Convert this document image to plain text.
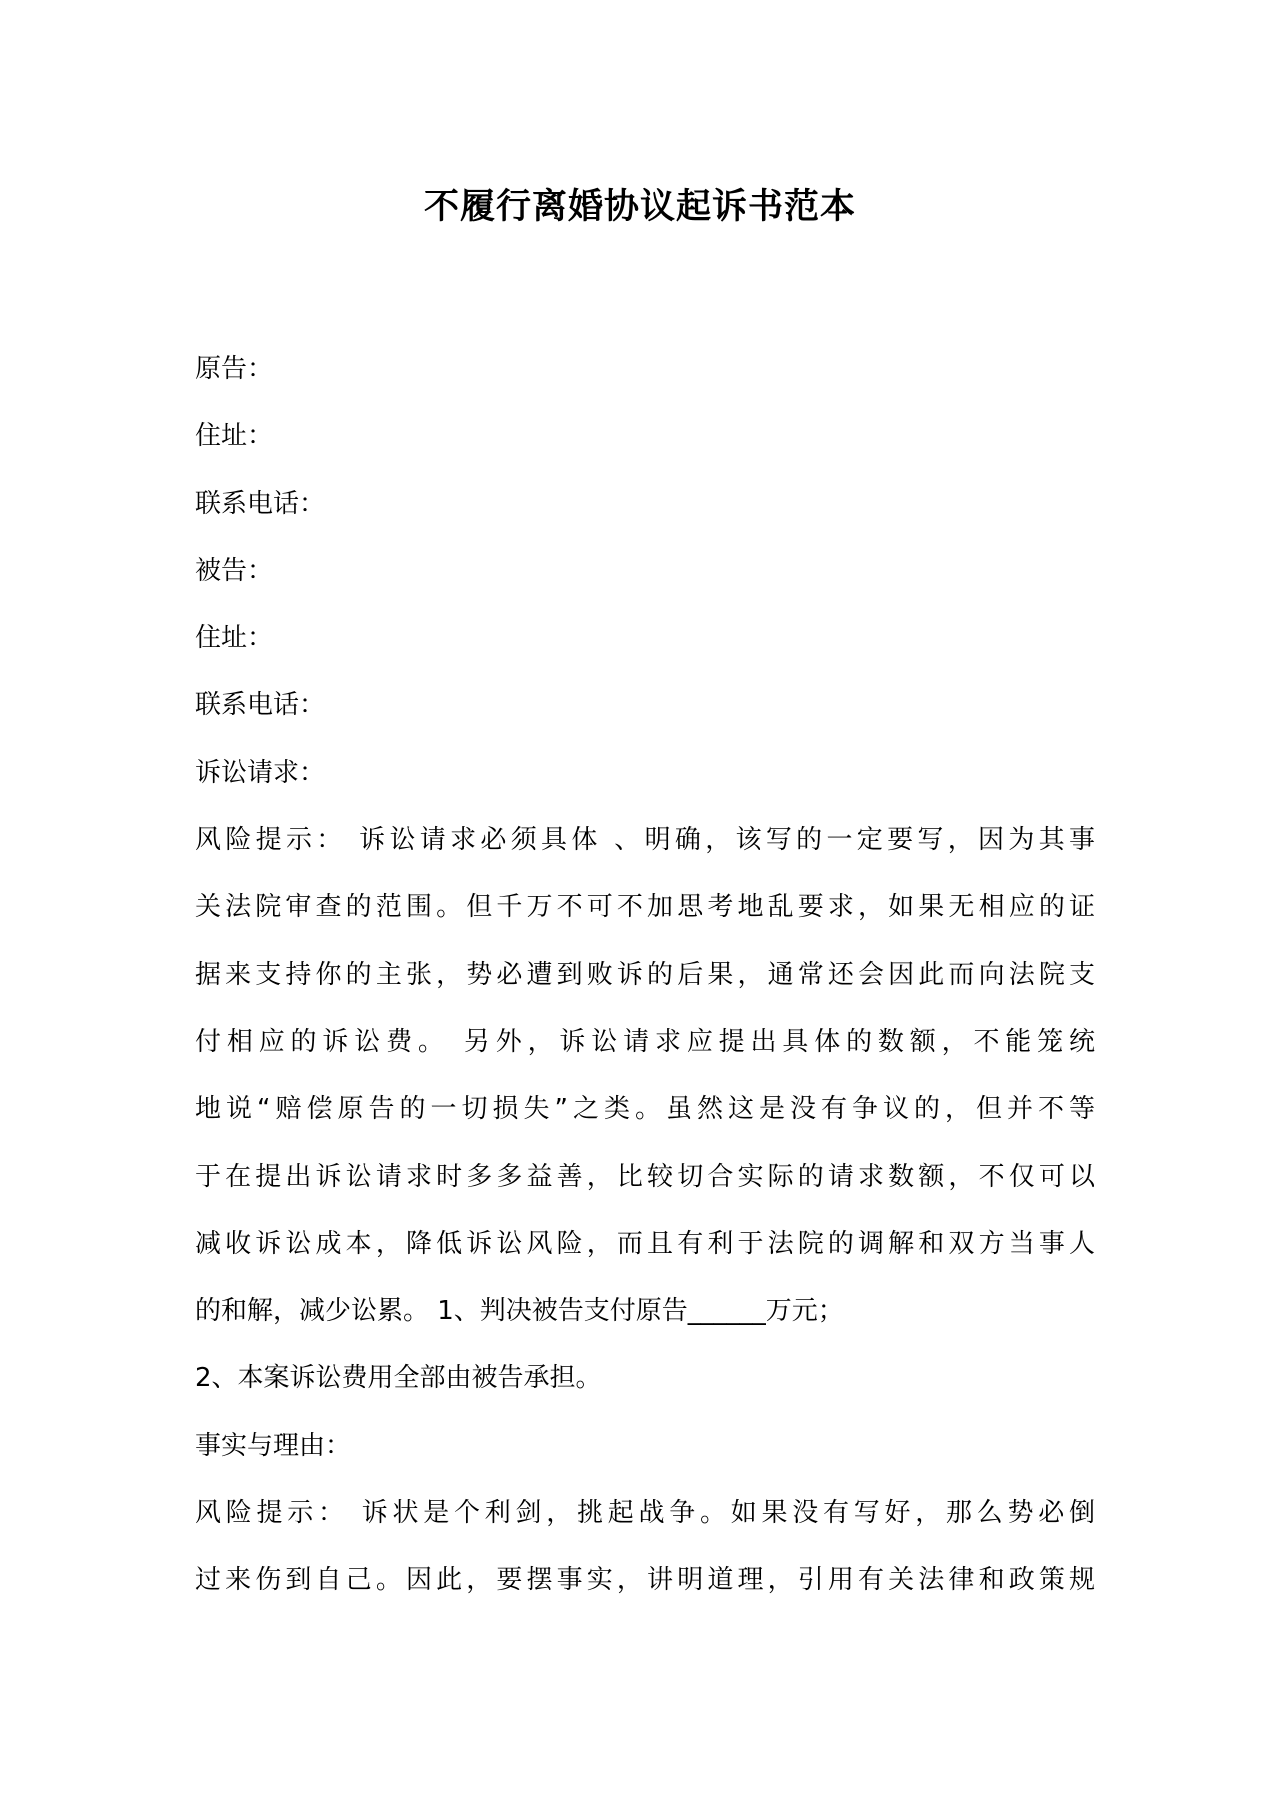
不履行离婚协议起诉书范本
原告：
住址：
联系电话：
被告：
住址：
联系电话：
诉讼请求：
风险提示： 诉讼请求必须具体 、明确，该写的一定要写，因为其事
关法院审查的范围。但千万不可不加思考地乱要求，如果无相应的证
据来支持你的主张，势必遭到败诉的后果，通常还会因此而向法院支
付相应的诉讼费。 另外，诉讼请求应提出具体的数额，不能笼统
地说“赔偿原告的一切损失”之类。虽然这是没有争议的，但并不等
于在提出诉讼请求时多多益善，比较切合实际的请求数额，不仅可以
减收诉讼成本，降低诉讼风险，而且有利于法院的调解和双方当事人
的和解，减少讼累。 1、判决被告支付原告______万元；
2、本案诉讼费用全部由被告承担。
事实与理由：
风险提示： 诉状是个利剑，挑起战争。如果没有写好，那么势必倒
过来伤到自己。因此，要摆事实，讲明道理，引用有关法律和政策规
